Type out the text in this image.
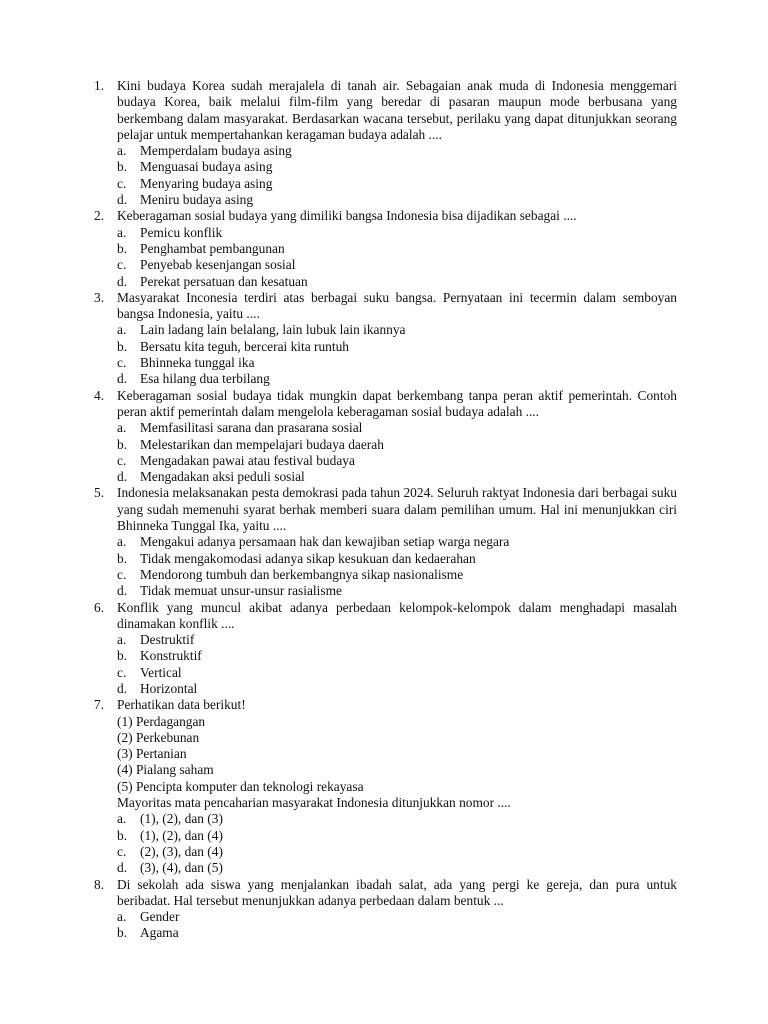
1. Kini budaya Korea sudah merajalela di tanah air. Sebagaian anak muda di Indonesia menggemari budaya Korea, baik melalui film-film yang beredar di pasaran maupun mode berbusana yang berkembang dalam masyarakat. Berdasarkan wacana tersebut, perilaku yang dapat ditunjukkan seorang pelajar untuk mempertahankan keragaman budaya adalah ....
a.	Memperdalam budaya asing
b. Menguasai budaya asing
c.	Menyaring budaya asing
d. Meniru budaya asing
2. Keberagaman sosial budaya yang dimiliki bangsa Indonesia bisa dijadikan sebagai ....
a.	Pemicu konflik
b. Penghambat pembangunan
c.	Penyebab kesenjangan sosial
d. Perekat persatuan dan kesatuan
3. Masyarakat Inconesia terdiri atas berbagai suku bangsa. Pernyataan ini tecermin dalam semboyan bangsa Indonesia, yaitu ....
a.	Lain ladang lain belalang, lain lubuk lain ikannya
b. Bersatu kita teguh, bercerai kita runtuh
c.	Bhinneka tunggal ika
d. Esa hilang dua terbilang
4. Keberagaman sosial budaya tidak mungkin dapat berkembang tanpa peran aktif pemerintah. Contoh peran aktif pemerintah dalam mengelola keberagaman sosial budaya adalah ....
a.	Memfasilitasi sarana dan prasarana sosial
b. Melestarikan dan mempelajari budaya daerah
c.	Mengadakan pawai atau festival budaya
d. Mengadakan aksi peduli sosial
5. Indonesia melaksanakan pesta demokrasi pada tahun 2024. Seluruh raktyat Indonesia dari berbagai suku yang sudah memenuhi syarat berhak memberi suara dalam pemilihan umum. Hal ini menunjukkan ciri Bhinneka Tunggal Ika, yaitu ....
a.	Mengakui adanya persamaan hak dan kewajiban setiap warga negara
b. Tidak mengakomodasi adanya sikap kesukuan dan kedaerahan
c.	Mendorong tumbuh dan berkembangnya sikap nasionalisme
d. Tidak memuat unsur-unsur rasialisme
6. Konflik yang muncul akibat adanya perbedaan kelompok-kelompok dalam menghadapi masalah dinamakan konflik ....
a.	Destruktif
b. Konstruktif
c.	Vertical
d. Horizontal
7. Perhatikan data berikut!
(1) Perdagangan
(2) Perkebunan
(3) Pertanian
(4) Pialang saham
(5) Pencipta komputer dan teknologi rekayasa
Mayoritas mata pencaharian masyarakat Indonesia ditunjukkan nomor ....
a.	(1), (2), dan (3)
b. (1), (2), dan (4)
c.	(2), (3), dan (4)
d. (3), (4), dan (5)
8. Di sekolah ada siswa yang menjalankan ibadah salat, ada yang pergi ke gereja, dan pura untuk beribadat. Hal tersebut menunjukkan adanya perbedaan dalam bentuk ...
a.	Gender
b. Agama
